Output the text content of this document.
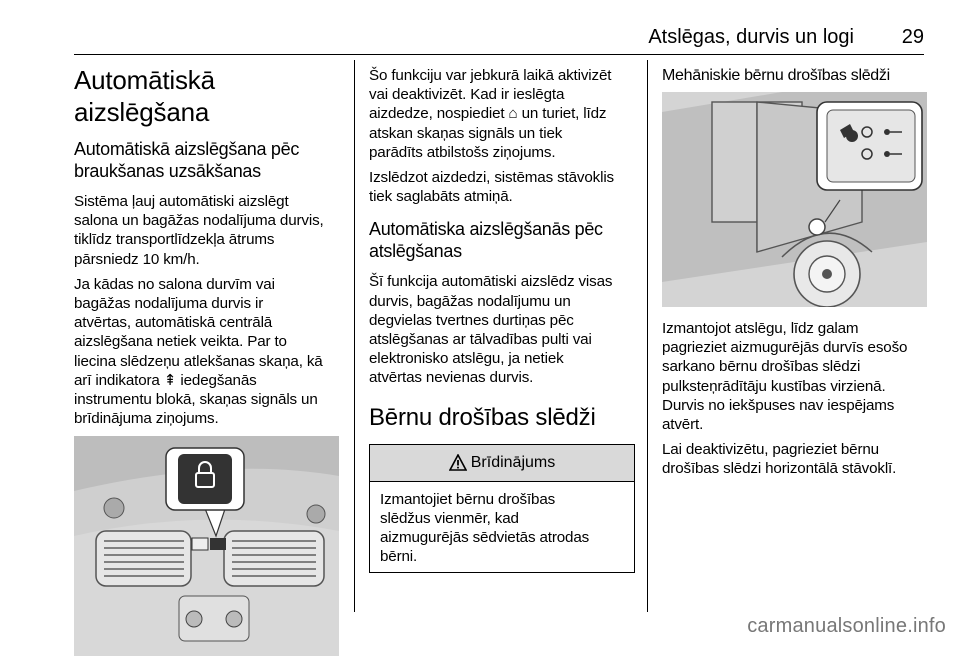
Atslēgas, durvis un logi 29
Automātiskā aizslēgšana
Automātiskā aizslēgšana pēc
braukšanas uzsākšanas

Sistēma ļauj automātiski aizslēgt
salona un bagāžas nodalījuma durvis,
tiklīdz transportlīdzekļa ātrums
pārsniedz 10 km/h.

Ja kādas no salona durvīm vai
bagāžas nodalījuma durvis ir
atvērtas, automātiskā centrālā
aizslēgšana netiek veikta. Par to
liecina slēdzeņu atlekšanas skaņa, kā
arī indikatora ⇞ iedegšanās
instrumentu blokā, skaņas signāls un
brīdinājuma ziņojums.

Šo funkciju var jebkurā laikā aktivizēt
vai deaktivizēt. Kad ir ieslēgta
aizdedze, nospiediet ⌂ un turiet, līdz
atskan skaņas signāls un tiek
parādīts atbilstošs ziņojums.

Izslēdzot aizdedzi, sistēmas stāvoklis
tiek saglabāts atmiņā.

Automātiska aizslēgšanās pēc
atslēgšanas

Šī funkcija automātiski aizslēdz visas
durvis, bagāžas nodalījumu un
degvielas tvertnes durtiņas pēc
atslēgšanas ar tālvadības pulti vai
elektronisko atslēgu, ja netiek
atvērtas nevienas durvis.

Bērnu drošības slēdži
Brīdinājums

Izmantojiet bērnu drošības
slēdžus vienmēr, kad
aizmugurējās sēdvietās atrodas
bērni.

Mehāniskie bērnu drošības slēdži

Izmantojot atslēgu, līdz galam
pagrieziet aizmugurējās durvīs esošo
sarkano bērnu drošības slēdzi
pulksteņrādītāju kustības virzienā.
Durvis no iekšpuses nav iespējams
atvērt.

Lai deaktivizētu, pagrieziet bērnu
drošības slēdzi horizontālā stāvoklī.

carmanualsonline.info
